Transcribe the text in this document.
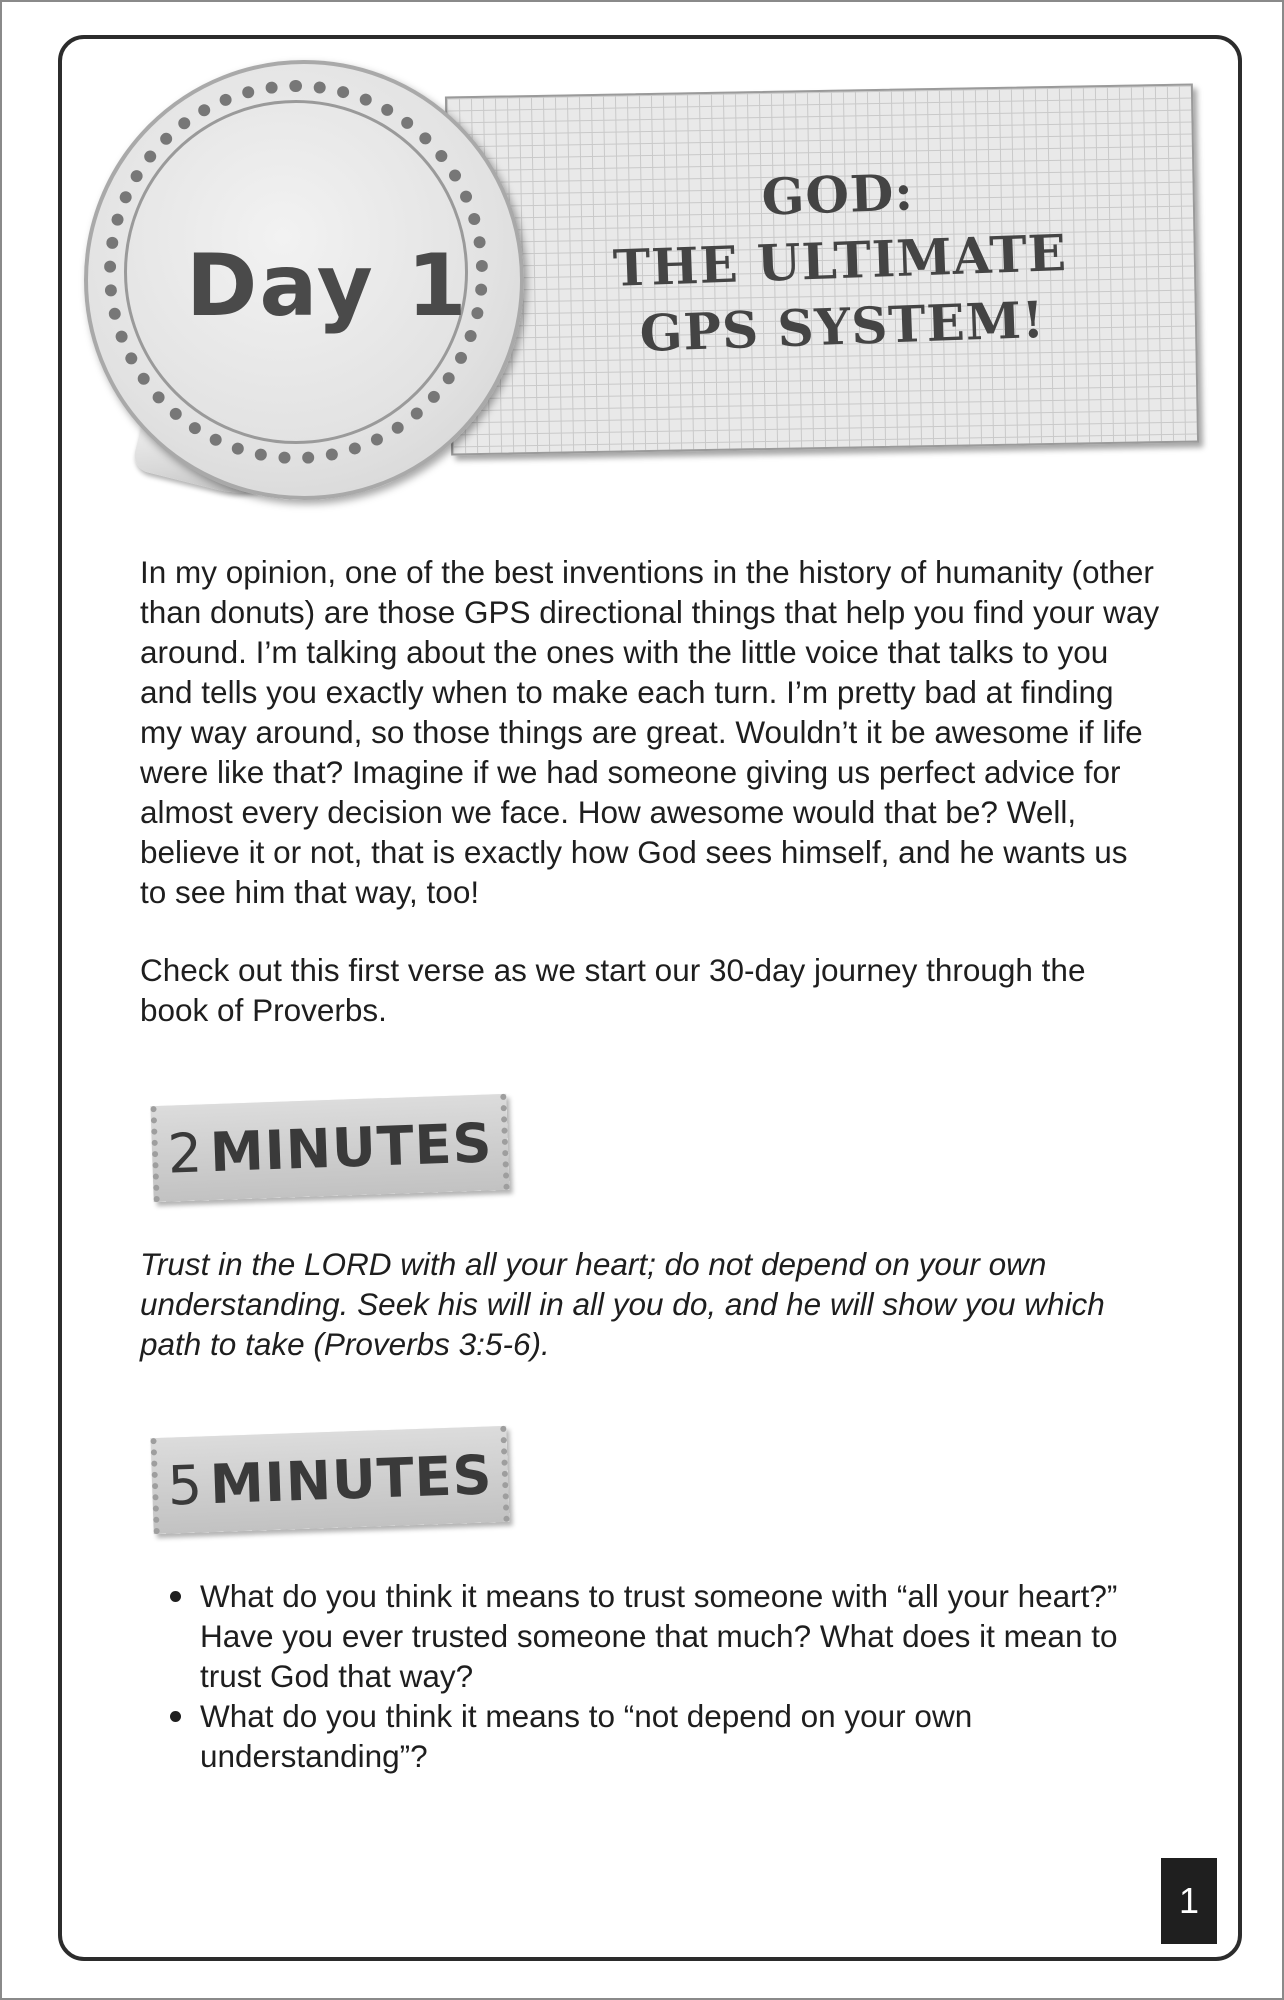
GOD:
THE ULTIMATE
GPS SYSTEM!
Day 1

In my opinion, one of the best inventions in the history of humanity (other than donuts) are those GPS directional things that help you find your way around. I’m talking about the ones with the little voice that talks to you and tells you exactly when to make each turn. I’m pretty bad at finding my way around, so those things are great. Wouldn’t it be awesome if life were like that? Imagine if we had someone giving us perfect advice for almost every decision we face. How awesome would that be? Well, believe it or not, that is exactly how God sees himself, and he wants us to see him that way, too!

Check out this first verse as we start our 30-day journey through the book of Proverbs.

2 MINUTES

Trust in the LORD with all your heart; do not depend on your own understanding. Seek his will in all you do, and he will show you which path to take (Proverbs 3:5-6).

5 MINUTES
What do you think it means to trust someone with “all your heart?” Have you ever trusted someone that much? What does it mean to trust God that way?
What do you think it means to “not depend on your own understanding”?
1
